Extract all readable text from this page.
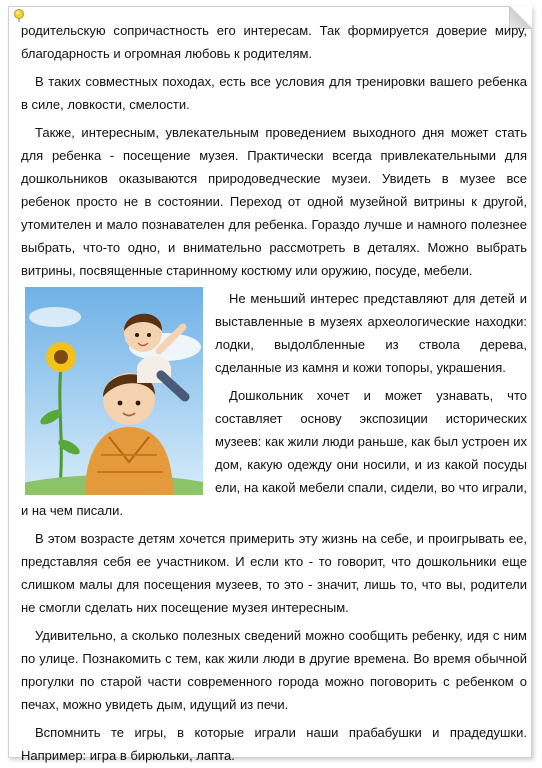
родительскую сопричастность его интересам. Так формируется доверие миру, благодарность и огромная любовь к родителям.

В таких совместных походах, есть все условия для тренировки вашего ребенка в силе, ловкости, смелости.

Также, интересным, увлекательным проведением выходного дня может стать для ребенка - посещение музея. Практически всегда привлекательными для дошкольников оказываются природоведческие музеи. Увидеть в музее все ребенок просто не в состоянии. Переход от одной музейной витрины к другой, утомителен и мало познавателен для ребенка. Гораздо лучше и намного полезнее выбрать, что-то одно, и внимательно рассмотреть в деталях. Можно выбрать витрины, посвященные старинному костюму или оружию, посуде, мебели.

Не меньший интерес представляют для детей и выставленные в музеях археологические находки: лодки, выдолбленные из ствола дерева, сделанные из камня и кожи топоры, украшения.

Дошкольник хочет и может узнавать, что составляет основу экспозиции исторических музеев: как жили люди раньше, как был устроен их дом, какую одежду они носили, и из какой посуды ели, на какой мебели спали, сидели, во что играли, и на чем писали.

В этом возрасте детям хочется примерить эту жизнь на себе, и проигрывать ее, представляя себя ее участником. И если кто - то говорит, что дошкольники еще слишком малы для посещения музеев, то это - значит, лишь то, что вы, родители не смогли сделать них посещение музея интересным.

Удивительно, а сколько полезных сведений можно сообщить ребенку, идя с ним по улице. Познакомить с тем, как жили люди в другие времена. Во время обычной прогулки по старой части современного города можно поговорить с ребенком о печах, можно увидеть дым, идущий из печи.

Вспомнить те игры, в которые играли наши прабабушки и прадедушки. Например: игра в бирюльки, лапта.
